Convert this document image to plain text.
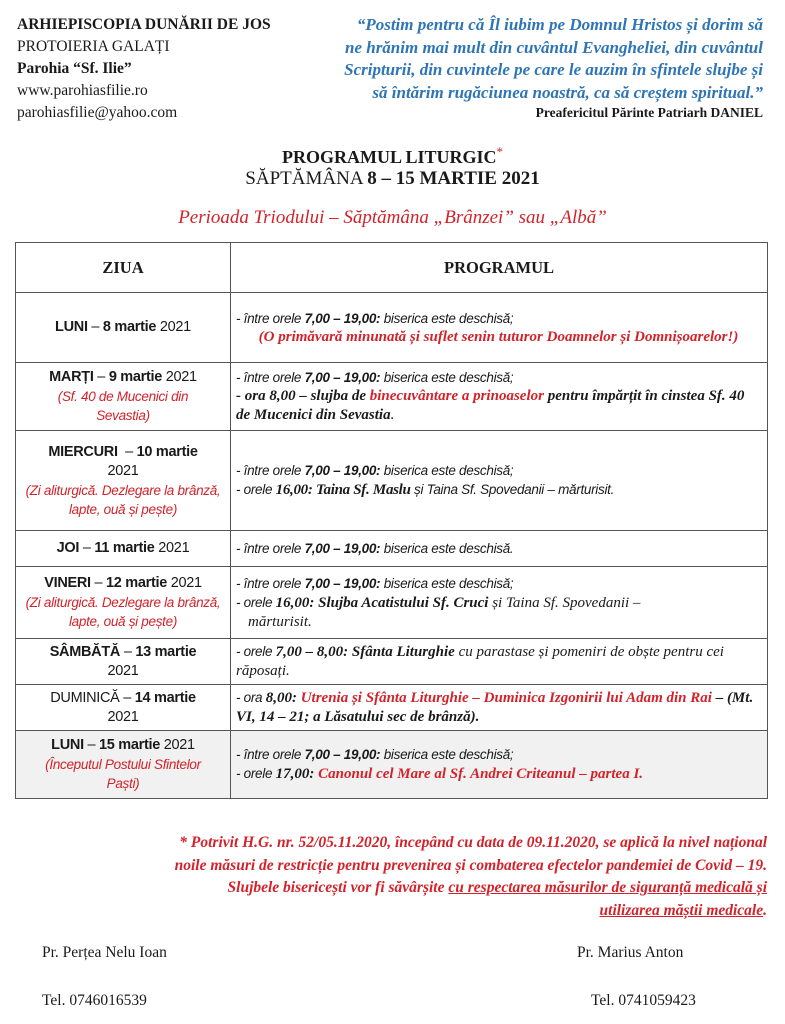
ARHIEPISCOPIA DUNĂRII DE JOS
PROTOIERIA GALAȚI
Parohia “Sf. Ilie”
www.parohiasfilie.ro
parohiasfilie@yahoo.com
“Postim pentru că Îl iubim pe Domnul Hristos și dorim să
ne hrănim mai mult din cuvântul Evangheliei, din cuvântul
Scripturii, din cuvintele pe care le auzim în sfintele slujbe și
să întărim rugăciunea noastră, ca să creștem spiritual.”
Preafericitul Părinte Patriarh DANIEL
PROGRAMUL LITURGIC*
SĂPTĂMÂNA 8 – 15 MARTIE 2021
Perioada Triodului – Săptămâna „Brânzei” sau „Albă”
ZIUA	PROGRAMUL
LUNI – 8 martie 2021	- între orele 7,00 – 19,00: biserica este deschisă;
(O primăvară minunată și suflet senin tuturor Doamnelor și Domnișoarelor!)

MARȚI – 9 martie 2021
(Sf. 40 de Mucenici din Sevastia)	- între orele 7,00 – 19,00: biserica este deschisă;
- ora 8,00 – slujba de binecuvântare a prinoaselor pentru împărțit în cinstea Sf. 40 de Mucenici din Sevastia.

MIERCURI  – 10 martie
2021
(Zi aliturgică. Dezlegare la brânză, lapte, ouă și pește)	- între orele 7,00 – 19,00: biserica este deschisă;
- orele 16,00: Taina Sf. Maslu și Taina Sf. Spovedanii – mărturisit.

JOI – 11 martie 2021	- între orele 7,00 – 19,00: biserica este deschisă.

VINERI – 12 martie 2021
(Zi aliturgică. Dezlegare la brânză, lapte, ouă și pește)	- între orele 7,00 – 19,00: biserica este deschisă;
- orele 16,00: Slujba Acatistului Sf. Cruci și Taina Sf. Spovedanii –
mărturisit.

SÂMBĂTĂ – 13 martie
2021	- orele 7,00 – 8,00: Sfânta Liturghie cu parastase și pomeniri de obște pentru cei răposați.

DUMINICĂ – 14 martie
2021	- ora 8,00: Utrenia și Sfânta Liturghie – Duminica Izgonirii lui Adam din Rai – (Mt. VI, 14 – 21; a Lăsatului sec de brânză).

LUNI – 15 martie 2021
(Începutul Postului Sfintelor Paști)	- între orele 7,00 – 19,00: biserica este deschisă;
- orele 17,00: Canonul cel Mare al Sf. Andrei Criteanul – partea I.
* Potrivit H.G. nr. 52/05.11.2020, începând cu data de 09.11.2020, se aplică la nivel național
noile măsuri de restricție pentru prevenirea și combaterea efectelor pandemiei de Covid – 19.
Slujbele bisericești vor fi săvârșite cu respectarea măsurilor de siguranță medicală și
utilizarea măștii medicale.
Pr. Perțea Nelu Ioan
Tel. 0746016539
Pr. Marius Anton
Tel. 0741059423
